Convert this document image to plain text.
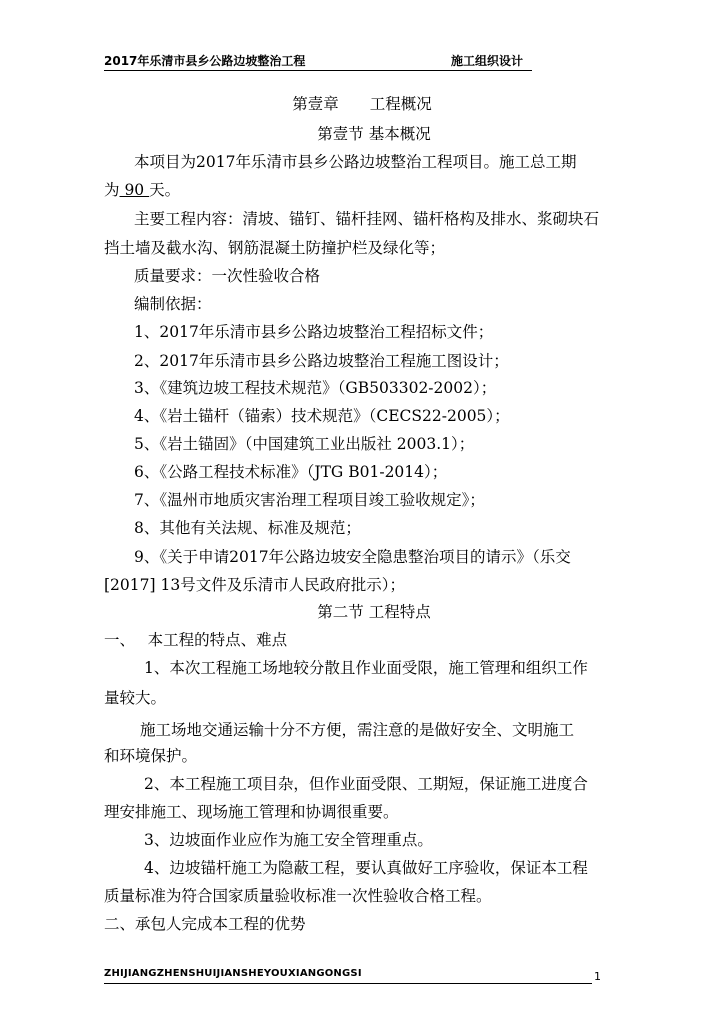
2017年乐清市县乡公路边坡整治工程	施工组织设计
第壹章　　工程概况
第壹节 基本概况
本项目为2017年乐清市县乡公路边坡整治工程项目。施工总工期
为 90 天。
主要工程内容：清坡、锚钉、锚杆挂网、锚杆格构及排水、浆砌块石
挡土墙及截水沟、钢筋混凝土防撞护栏及绿化等；
质量要求：一次性验收合格
编制依据：
1、2017年乐清市县乡公路边坡整治工程招标文件；
2、2017年乐清市县乡公路边坡整治工程施工图设计；
3、《建筑边坡工程技术规范》（GB503302-2002）；
4、《岩土锚杆（锚索）技术规范》（CECS22-2005）；
5、《岩土锚固》（中国建筑工业出版社 2003.1）；
6、《公路工程技术标准》（JTG B01-2014）；
7、《温州市地质灾害治理工程项目竣工验收规定》；
8、其他有关法规、标准及规范；
9、《关于申请2017年公路边坡安全隐患整治项目的请示》（乐交
[2017] 13号文件及乐清市人民政府批示）；
第二节 工程特点
一、　 本工程的特点、难点
1、本次工程施工场地较分散且作业面受限，施工管理和组织工作
量较大。
施工场地交通运输十分不方便，需注意的是做好安全、文明施工
和环境保护。
2、本工程施工项目杂，但作业面受限、工期短，保证施工进度合
理安排施工、现场施工管理和协调很重要。
3、边坡面作业应作为施工安全管理重点。
4、边坡锚杆施工为隐蔽工程，要认真做好工序验收，保证本工程
质量标准为符合国家质量验收标准一次性验收合格工程。
二、承包人完成本工程的优势
ZHIJIANGZHENSHUIJIANSHEYOUXIANGONGSI	1
